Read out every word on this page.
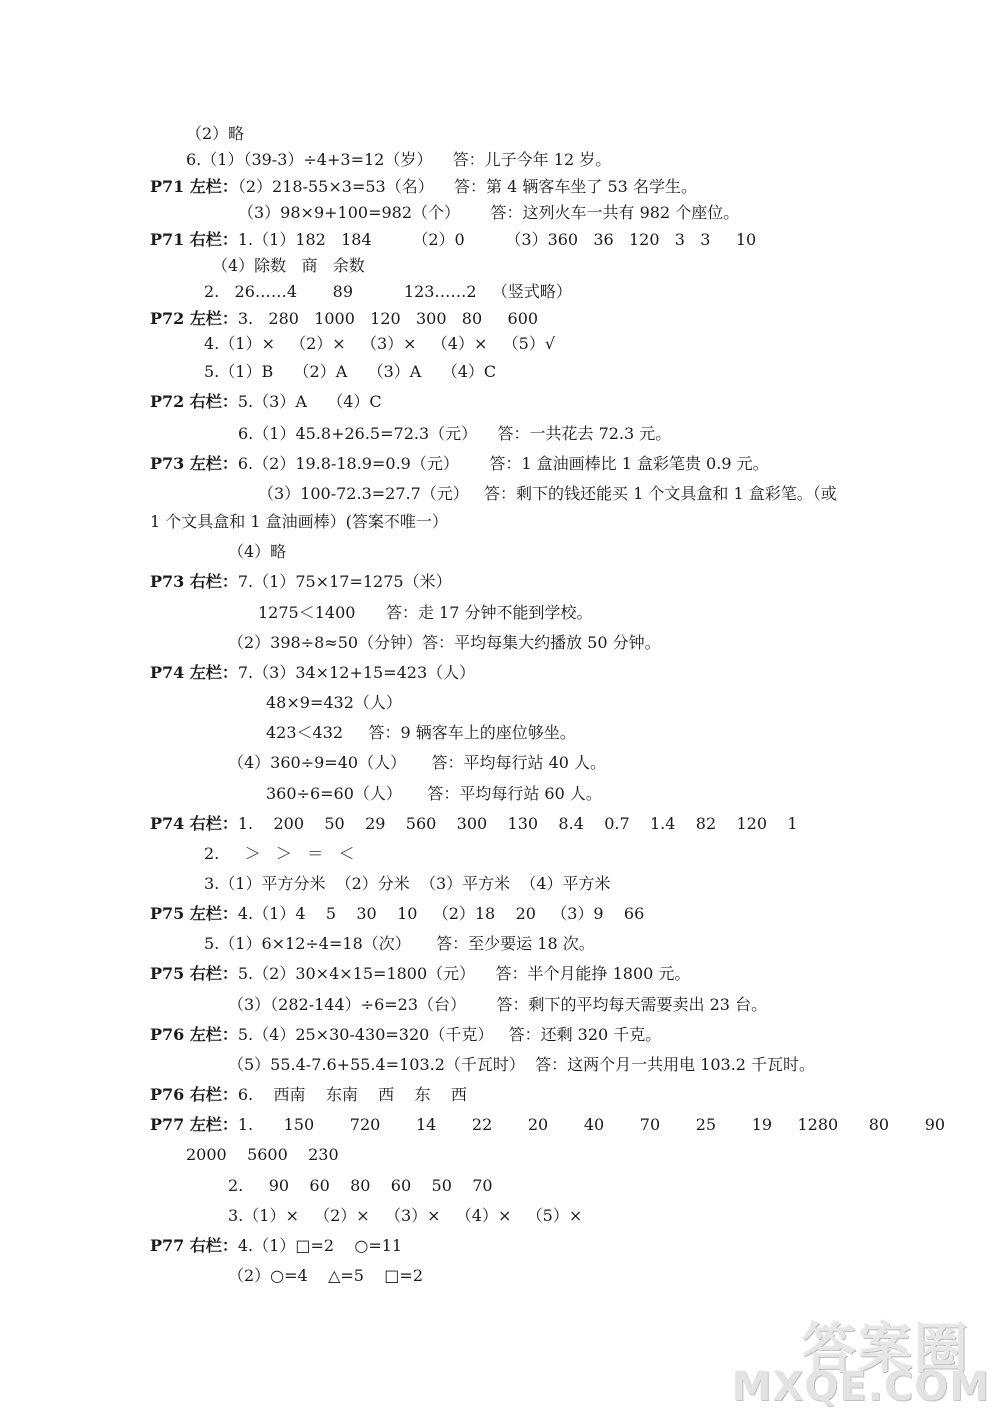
（2）略
6.（1）（39-3）÷4+3=12（岁）    答：儿子今年 12 岁。
P71 左栏：（2）218-55×3=53（名）    答：第 4 辆客车坐了 53 名学生。
（3）98×9+100=982（个）      答：这列火车一共有 982 个座位。
P71 右栏：1.（1）182   184        （2）0        （3）360   36   120   3   3     10
（4）除数   商   余数
2.   26……4       89          123……2   （竖式略）
P72 左栏：3.   280   1000   120   300   80     600
4.（1）×   （2）×   （3）×   （4）×   （5）√
5.（1）B    （2）A    （3）A    （4）C
P72 右栏：5.（3）A    （4）C
6.（1）45.8+26.5=72.3（元）    答：一共花去 72.3 元。
P73 左栏：6.（2）19.8-18.9=0.9（元）      答：1 盒油画棒比 1 盒彩笔贵 0.9 元。
（3）100-72.3=27.7（元）   答：剩下的钱还能买 1 个文具盒和 1 盒彩笔。（或
1 个文具盒和 1 盒油画棒）(答案不唯一）
（4）略
P73 右栏：7.（1）75×17=1275（米）
1275＜1400      答：走 17 分钟不能到学校。
（2）398÷8≈50（分钟）答：平均每集大约播放 50 分钟。
P74 左栏：7.（3）34×12+15=423（人）
48×9=432（人）
423＜432     答：9 辆客车上的座位够坐。
（4）360÷9=40（人）     答：平均每行站 40 人。
360÷6=60（人）     答：平均每行站 60 人。
P74 右栏：1.    200    50    29    560    300    130    8.4    0.7    1.4    82    120    1
2.     ＞   ＞   ＝   ＜
3.（1）平方分米  （2）分米  （3）平方米  （4）平方米
P75 左栏：4.（1）4    5    30    10   （2）18    20   （3）9    66
5.（1）6×12÷4=18（次）     答：至少要运 18 次。
P75 右栏：5.（2）30×4×15=1800（元）    答：半个月能挣 1800 元。
（3）（282-144）÷6=23（台）      答：剩下的平均每天需要卖出 23 台。
P76 左栏：5.（4）25×30-430=320（千克）   答：还剩 320 千克。
（5）55.4-7.6+55.4=103.2（千瓦时）  答：这两个月一共用电 103.2 千瓦时。
P76 右栏：6.    西南    东南    西    东    西
P77 左栏：1.      150       720       14       22       20       40       70       25       19     1280      80       90
2000    5600    230
2.     90    60    80    60    50    70
3.（1）×   （2）×   （3）×   （4）×   （5）×
P77 右栏：4.（1）□=2    ○=11
（2）○=4    △=5    □=2
答案圈
MXQE.COM
